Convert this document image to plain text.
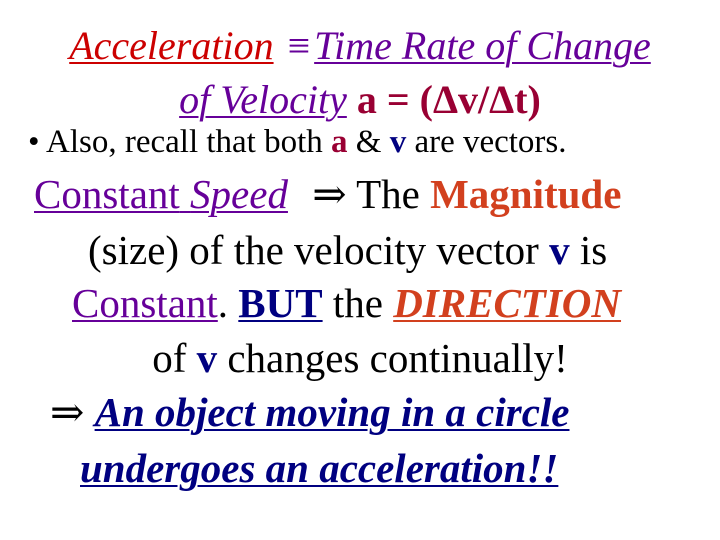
Acceleration ≡ Time Rate of Change
of Velocity a = (Δv/Δt)
• Also, recall that both a & v are vectors.
Constant Speed ⇒ The Magnitude
(size) of the velocity vector v is
Constant. BUT the DIRECTION
of v changes continually!
⇒ An object moving in a circle
undergoes an acceleration!!
